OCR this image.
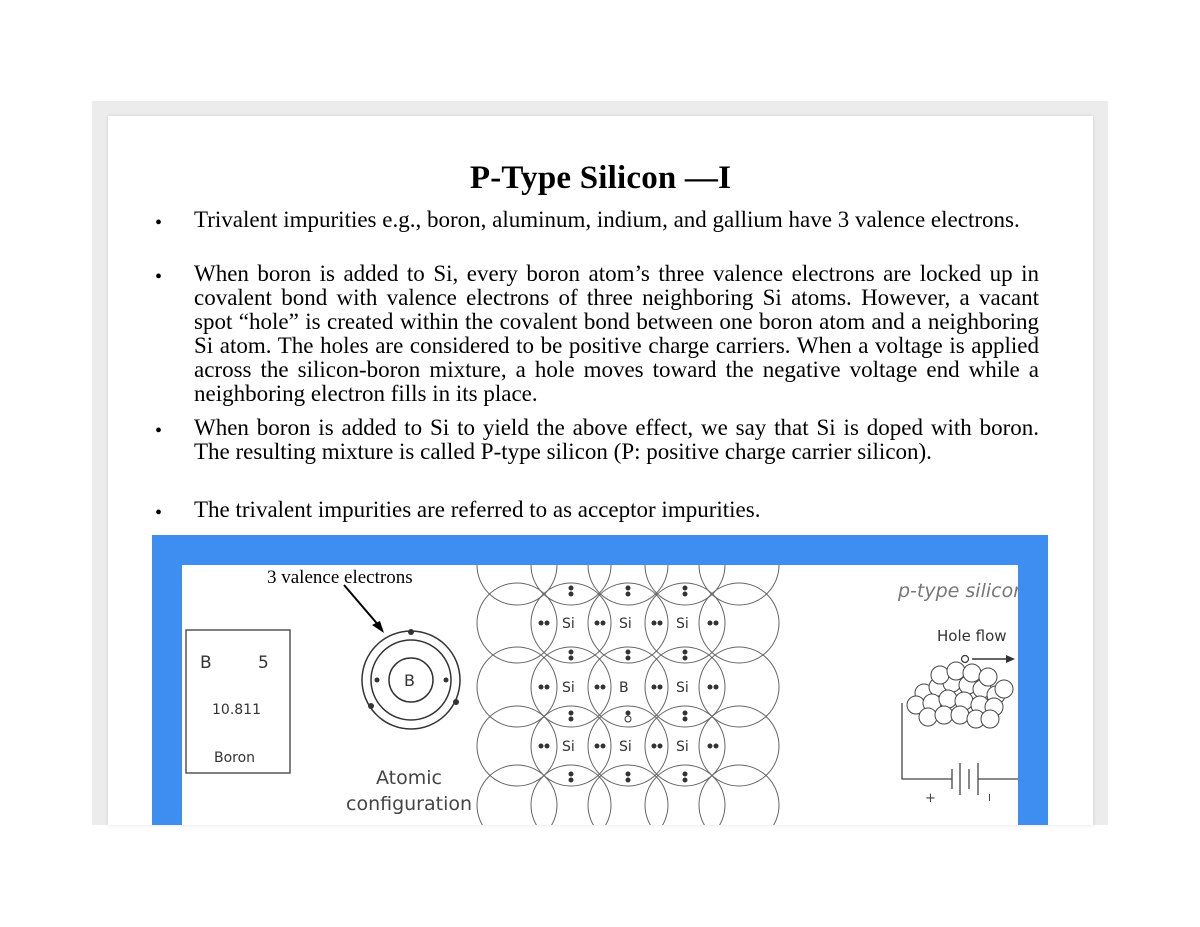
P-Type Silicon —I
• Trivalent impurities e.g., boron, aluminum, indium, and gallium have 3 valence electrons.
• When boron is added to Si, every boron atom’s three valence electrons are locked up in covalent bond with valence electrons of three neighboring Si atoms. However, a vacant spot “hole” is created within the covalent bond between one boron atom and a neighboring Si atom. The holes are considered to be positive charge carriers. When a voltage is applied across the silicon-boron mixture, a hole moves toward the negative voltage end while a neighboring electron fills in its place.
• When boron is added to Si to yield the above effect, we say that Si is doped with boron. The resulting mixture is called P-type silicon (P: positive charge carrier silicon).
• The trivalent impurities are referred to as acceptor impurities.
B	5
10.811
Boron
3 valence electrons
B
Atomic
configuration
Si	Si	Si
Si	B	Si
Si	Si	Si
p-type silicon
Hole flow
+	I
